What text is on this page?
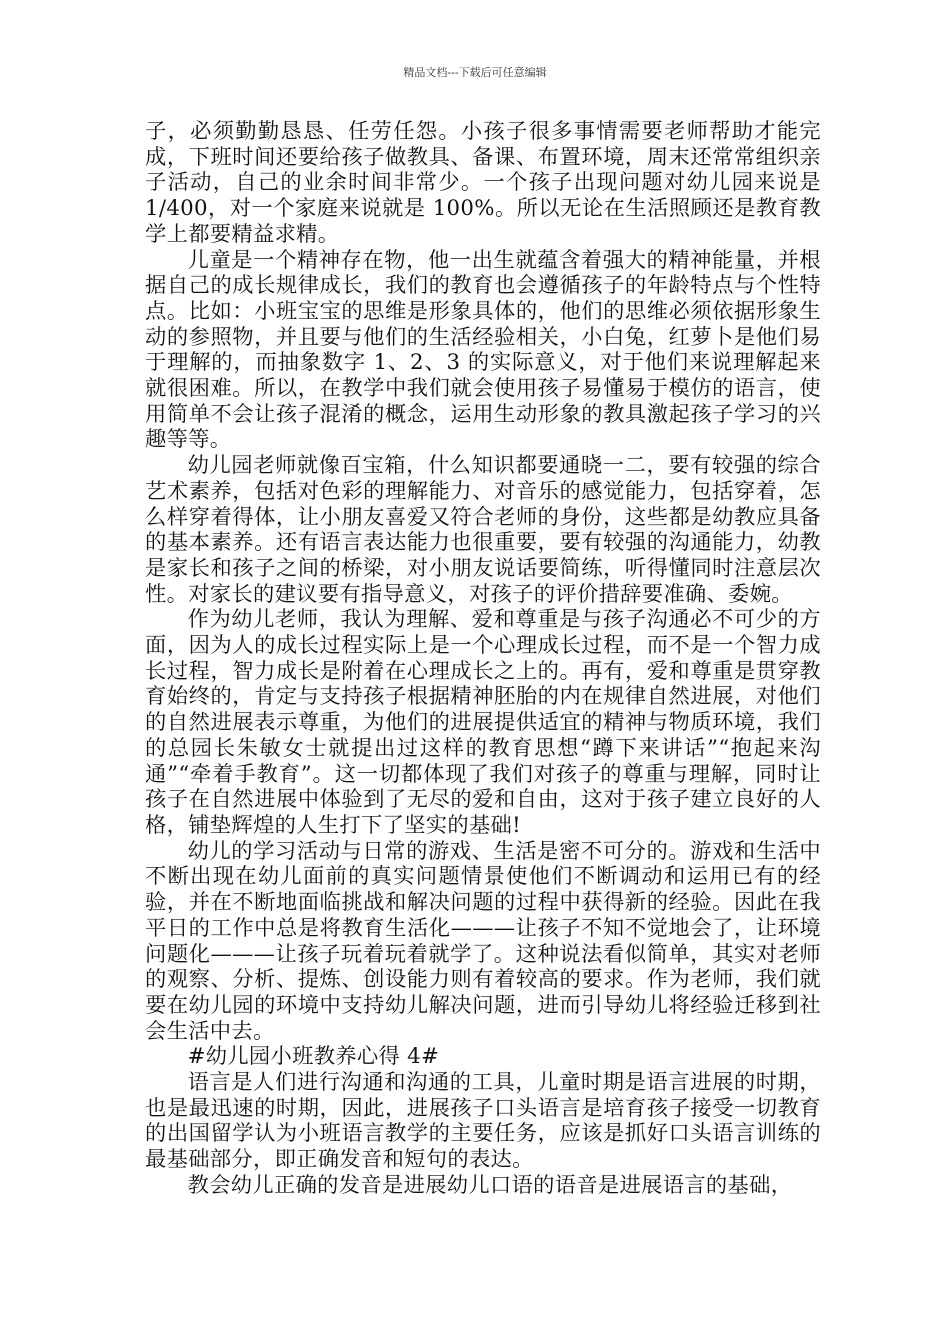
精品文档---下载后可任意编辑

子，必须勤勤恳恳、任劳任怨。小孩子很多事情需要老师帮助才能完成，下班时间还要给孩子做教具、备课、布置环境，周末还常常组织亲子活动，自己的业余时间非常少。一个孩子出现问题对幼儿园来说是 1/400，对一个家庭来说就是 100%。所以无论在生活照顾还是教育教学上都要精益求精。

儿童是一个精神存在物，他一出生就蕴含着强大的精神能量，并根据自己的成长规律成长，我们的教育也会遵循孩子的年龄特点与个性特点。比如：小班宝宝的思维是形象具体的，他们的思维必须依据形象生动的参照物，并且要与他们的生活经验相关，小白兔，红萝卜是他们易于理解的，而抽象数字 1、2、3 的实际意义，对于他们来说理解起来就很困难。所以，在教学中我们就会使用孩子易懂易于模仿的语言，使用简单不会让孩子混淆的概念，运用生动形象的教具激起孩子学习的兴趣等等。

幼儿园老师就像百宝箱，什么知识都要通晓一二，要有较强的综合艺术素养，包括对色彩的理解能力、对音乐的感觉能力，包括穿着，怎么样穿着得体，让小朋友喜爱又符合老师的身份，这些都是幼教应具备的基本素养。还有语言表达能力也很重要，要有较强的沟通能力，幼教是家长和孩子之间的桥梁，对小朋友说话要简练，听得懂同时注意层次性。对家长的建议要有指导意义，对孩子的评价措辞要准确、委婉。

作为幼儿老师，我认为理解、爱和尊重是与孩子沟通必不可少的方面，因为人的成长过程实际上是一个心理成长过程，而不是一个智力成长过程，智力成长是附着在心理成长之上的。再有，爱和尊重是贯穿教育始终的，肯定与支持孩子根据精神胚胎的内在规律自然进展，对他们的自然进展表示尊重，为他们的进展提供适宜的精神与物质环境，我们的总园长朱敏女士就提出过这样的教育思想“蹲下来讲话”“抱起来沟通”“牵着手教育”。这一切都体现了我们对孩子的尊重与理解，同时让孩子在自然进展中体验到了无尽的爱和自由，这对于孩子建立良好的人格，铺垫辉煌的人生打下了坚实的基础!

幼儿的学习活动与日常的游戏、生活是密不可分的。游戏和生活中不断出现在幼儿面前的真实问题情景使他们不断调动和运用已有的经验，并在不断地面临挑战和解决问题的过程中获得新的经验。因此在我平日的工作中总是将教育生活化———让孩子不知不觉地会了，让环境问题化———让孩子玩着玩着就学了。这种说法看似简单，其实对老师的观察、分析、提炼、创设能力则有着较高的要求。作为老师，我们就要在幼儿园的环境中支持幼儿解决问题，进而引导幼儿将经验迁移到社会生活中去。

#幼儿园小班教养心得 4#

语言是人们进行沟通和沟通的工具，儿童时期是语言进展的时期，也是最迅速的时期，因此，进展孩子口头语言是培育孩子接受一切教育的出国留学认为小班语言教学的主要任务，应该是抓好口头语言训练的最基础部分，即正确发音和短句的表达。

教会幼儿正确的发音是进展幼儿口语的语音是进展语言的基础，
